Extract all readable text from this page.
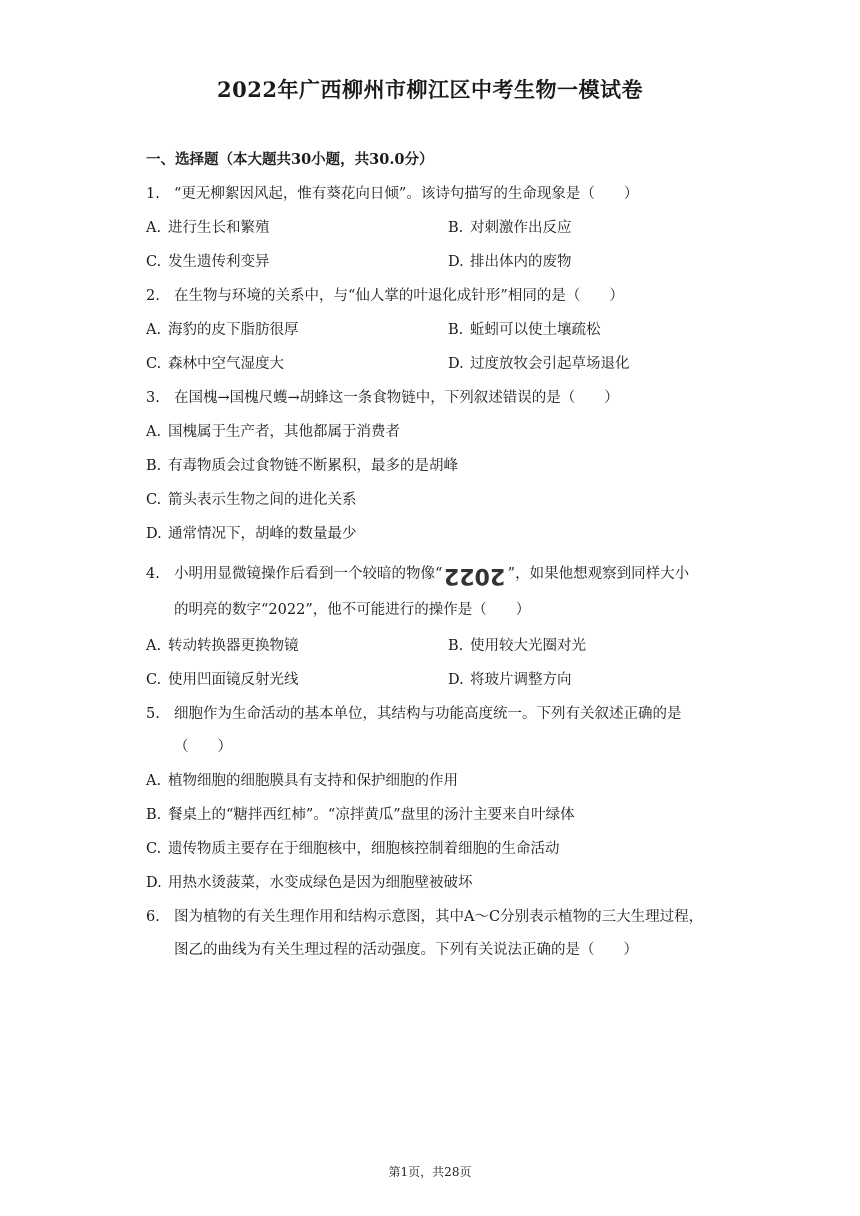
2022年广西柳州市柳江区中考生物一模试卷
一、选择题（本大题共30小题，共30.0分）
1. “更无柳絮因风起，惟有葵花向日倾”。该诗句描写的生命现象是（　　）
A. 进行生长和繁殖	B. 对刺激作出反应
C. 发生遗传利变异	D. 排出体内的废物
2. 在生物与环境的关系中，与“仙人掌的叶退化成针形”相同的是（　　）
A. 海豹的皮下脂肪很厚	B. 蚯蚓可以使土壤疏松
C. 森林中空气湿度大	D. 过度放牧会引起草场退化
3. 在国槐→国槐尺蠖→胡蜂这一条食物链中，下列叙述错误的是（　　）
A. 国槐属于生产者，其他都属于消费者
B. 有毒物质会过食物链不断累积，最多的是胡峰
C. 箭头表示生物之间的进化关系
D. 通常情况下，胡峰的数量最少
4. 小明用显微镜操作后看到一个较暗的物像“2022 ”，如果他想观察到同样大小
的明亮的数字“2022”，他不可能进行的操作是（　　）
A. 转动转换器更换物镜	B. 使用较大光圈对光
C. 使用凹面镜反射光线	D. 将玻片调整方向
5. 细胞作为生命活动的基本单位，其结构与功能高度统一。下列有关叙述正确的是
（　　）
A. 植物细胞的细胞膜具有支持和保护细胞的作用
B. 餐桌上的“糖拌西红柿”。“凉拌黄瓜”盘里的汤汁主要来自叶绿体
C. 遗传物质主要存在于细胞核中，细胞核控制着细胞的生命活动
D. 用热水烫菠菜，水变成绿色是因为细胞壁被破坏
6. 图为植物的有关生理作用和结构示意图，其中A～C分别表示植物的三大生理过程，
图乙的曲线为有关生理过程的活动强度。下列有关说法正确的是（　　）
第1页，共28页
